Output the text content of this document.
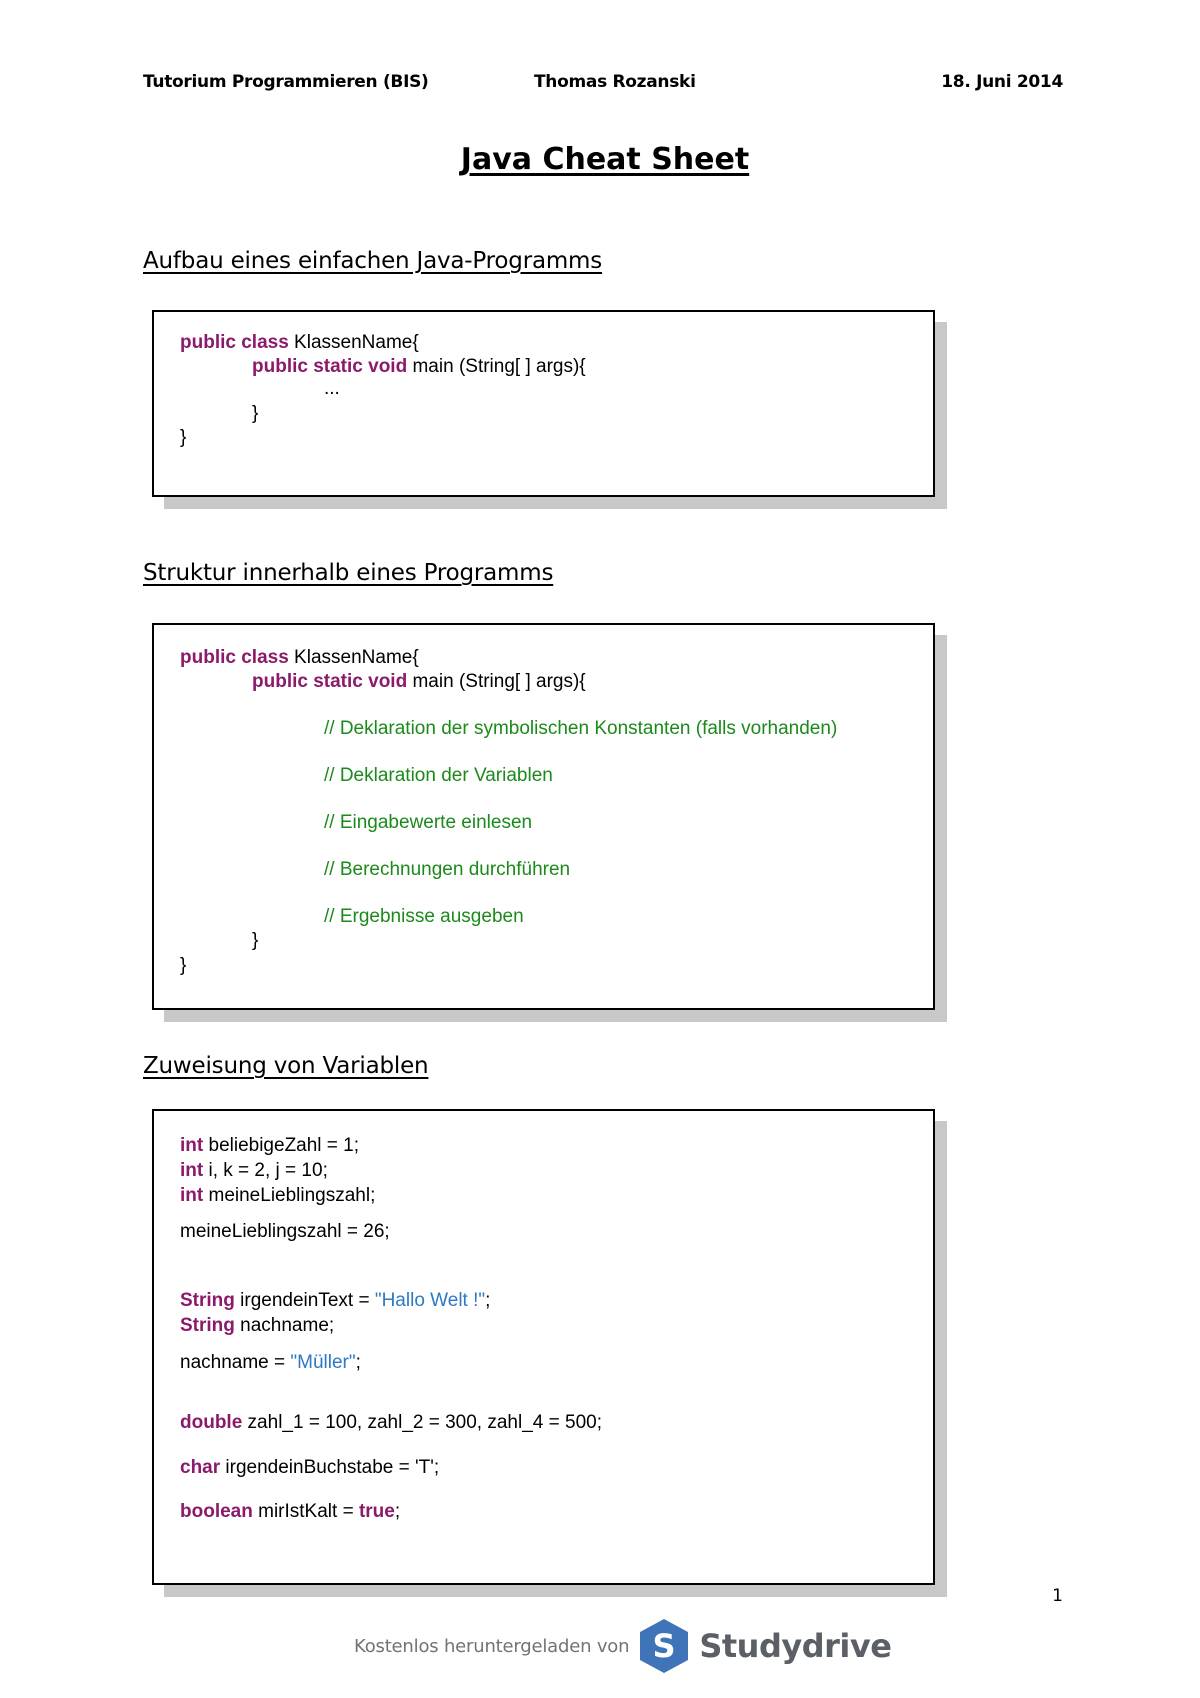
Tutorium Programmieren (BIS)	Thomas Rozanski	18. Juni 2014
Java Cheat Sheet
Aufbau eines einfachen Java-Programms
public class KlassenName{
public static void main (String[ ] args){
...
}
}
Struktur innerhalb eines Programms
public class KlassenName{
public static void main (String[ ] args){
// Deklaration der symbolischen Konstanten (falls vorhanden)
// Deklaration der Variablen
// Eingabewerte einlesen
// Berechnungen durchführen
// Ergebnisse ausgeben
}
}
Zuweisung von Variablen
int beliebigeZahl = 1;
int i, k = 2, j = 10;
int meineLieblingszahl;
meineLieblingszahl = 26;
String irgendeinText = "Hallo Welt !";
String nachname;
nachname = "Müller";
double zahl_1 = 100, zahl_2 = 300, zahl_4 = 500;
char irgendeinBuchstabe = 'T';
boolean mirIstKalt = true;
1
Kostenlos heruntergeladen von S Studydrive
